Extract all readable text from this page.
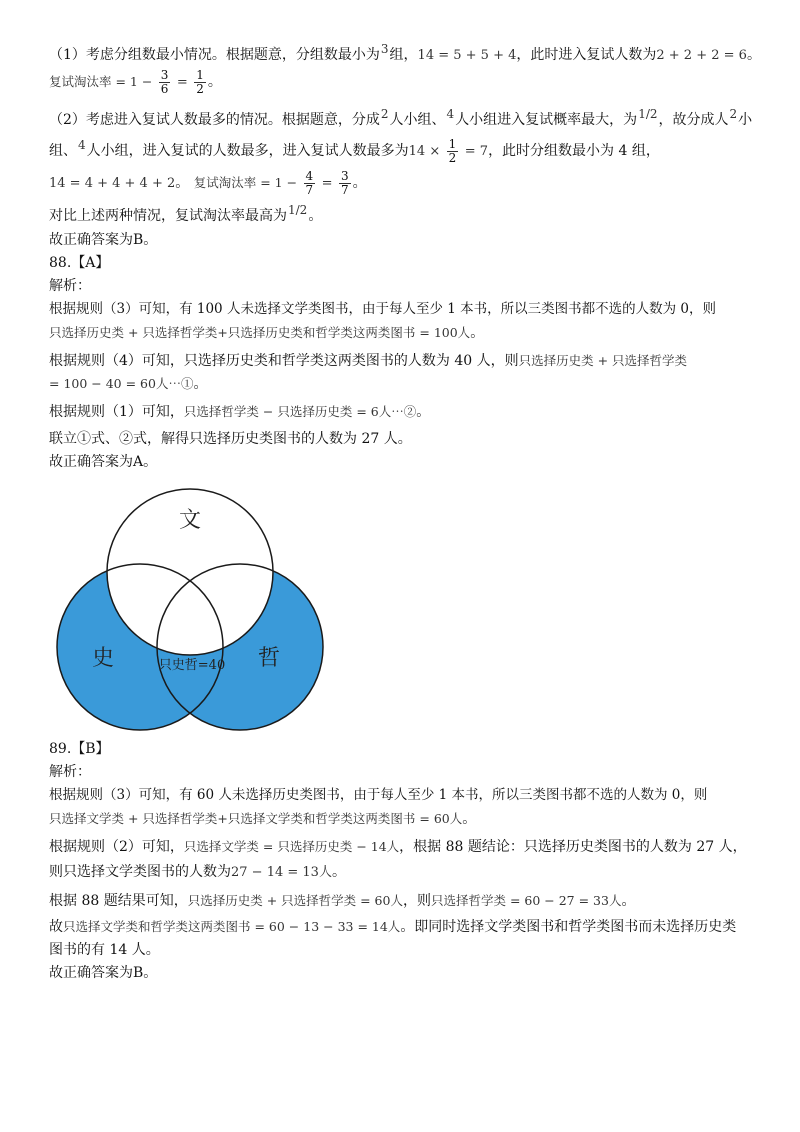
（1）考虑分组数最小情况。根据题意，分组数最小为3组，14 = 5 + 5 + 4，此时进入复试人数为2 + 2 + 2 = 6。
复试淘汰率 = $1 - \frac{3}{6} = \frac{1}{2}$ 。
（2）考虑进入复试人数最多的情况。根据题意，分成2人小组、4人小组进入复试概率最大，为1/2，故分成人2小
组、4人小组，进入复试的人数最多，进入复试人数最多为$14 \times \frac{1}{2} = 7$，此时分组数最小为 4 组，
14 = 4 + 4 + 4 + 2。 复试淘汰率 = $1 - \frac{4}{7} = \frac{3}{7}$ 。
对比上述两种情况，复试淘汰率最高为1/2。
故正确答案为B。
88.【A】
解析：
根据规则（3）可知，有 100 人未选择文学类图书，由于每人至少 1 本书，所以三类图书都不选的人数为 0，则
只选择历史类 + 只选择哲学类+只选择历史类和哲学类这两类图书 = 100人。
根据规则（4）可知，只选择历史类和哲学类这两类图书的人数为 40 人，则只选择历史类 + 只选择哲学类
= 100 − 40 = 60人⋯①。
根据规则（1）可知，只选择哲学类 − 只选择历史类 = 6人⋯②。
联立①式、②式，解得只选择历史类图书的人数为 27 人。
故正确答案为A。
文
史	哲
只史哲=40
89.【B】
解析：
根据规则（3）可知，有 60 人未选择历史类图书，由于每人至少 1 本书，所以三类图书都不选的人数为 0，则
只选择文学类 + 只选择哲学类+只选择文学类和哲学类这两类图书 = 60人。
根据规则（2）可知，只选择文学类 = 只选择历史类 − 14人，根据 88 题结论：只选择历史类图书的人数为 27 人，
则只选择文学类图书的人数为27 − 14 = 13人。
根据 88 题结果可知，只选择历史类 + 只选择哲学类 = 60人，则只选择哲学类 = 60 − 27 = 33人。
故只选择文学类和哲学类这两类图书 = 60 − 13 − 33 = 14人。即同时选择文学类图书和哲学类图书而未选择历史类
图书的有 14 人。
故正确答案为B。
